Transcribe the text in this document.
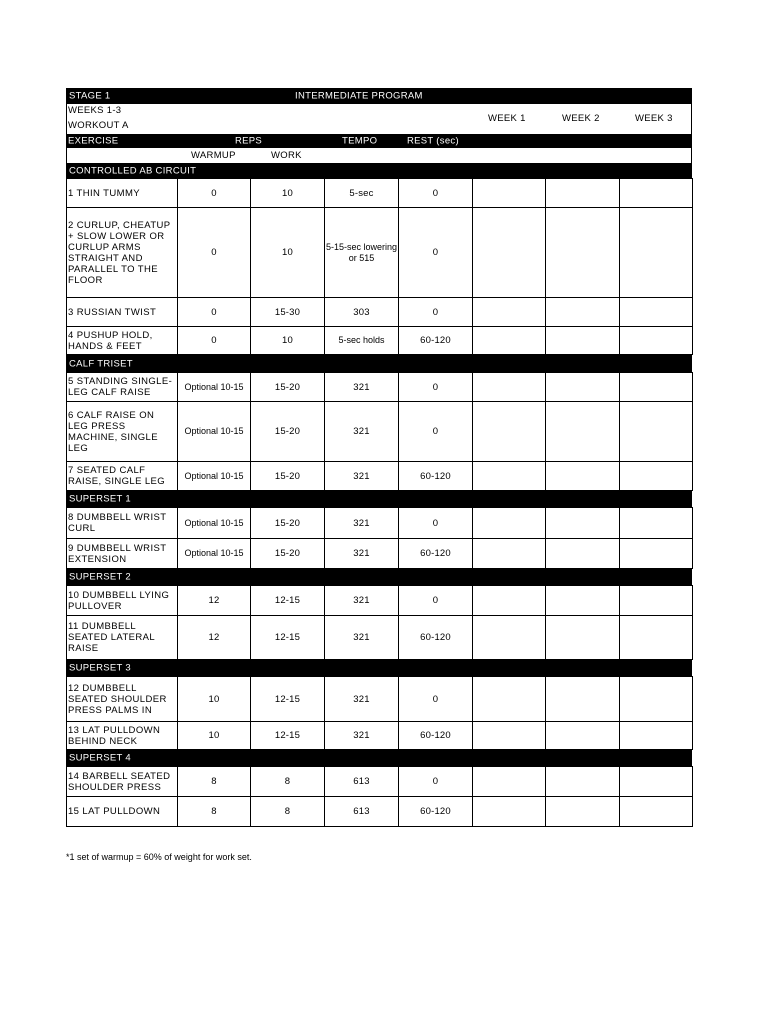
STAGE 1	INTERMEDIATE PROGRAM
WEEKS 1-3
WORKOUT A
WEEK 1	WEEK 2	WEEK 3
EXERCISE	REPS	TEMPO	REST (sec)
WARMUP	WORK
CONTROLLED AB CIRCUIT
1 THIN TUMMY	0	10	5-sec	0			
2 CURLUP, CHEATUP + SLOW LOWER OR CURLUP ARMS STRAIGHT AND PARALLEL TO THE FLOOR	0	10	5-15-sec lowering or 515	0			
3 RUSSIAN TWIST	0	15-30	303	0			
4 PUSHUP HOLD, HANDS & FEET	0	10	5-sec holds	60-120			
CALF TRISET
5 STANDING SINGLE-LEG CALF RAISE	Optional 10-15	15-20	321	0			
6 CALF RAISE ON LEG PRESS MACHINE, SINGLE LEG	Optional 10-15	15-20	321	0			
7 SEATED CALF RAISE, SINGLE LEG	Optional 10-15	15-20	321	60-120			
SUPERSET 1
8 DUMBBELL WRIST CURL	Optional 10-15	15-20	321	0			
9 DUMBBELL WRIST EXTENSION	Optional 10-15	15-20	321	60-120			
SUPERSET 2
10 DUMBBELL LYING PULLOVER	12	12-15	321	0			
11 DUMBBELL SEATED LATERAL RAISE	12	12-15	321	60-120			
SUPERSET 3
12 DUMBBELL SEATED SHOULDER PRESS PALMS IN	10	12-15	321	0			
13 LAT PULLDOWN BEHIND NECK	10	12-15	321	60-120			
SUPERSET 4
14 BARBELL SEATED SHOULDER PRESS	8	8	613	0			
15 LAT PULLDOWN	8	8	613	60-120			
*1 set of warmup = 60% of weight for work set.
